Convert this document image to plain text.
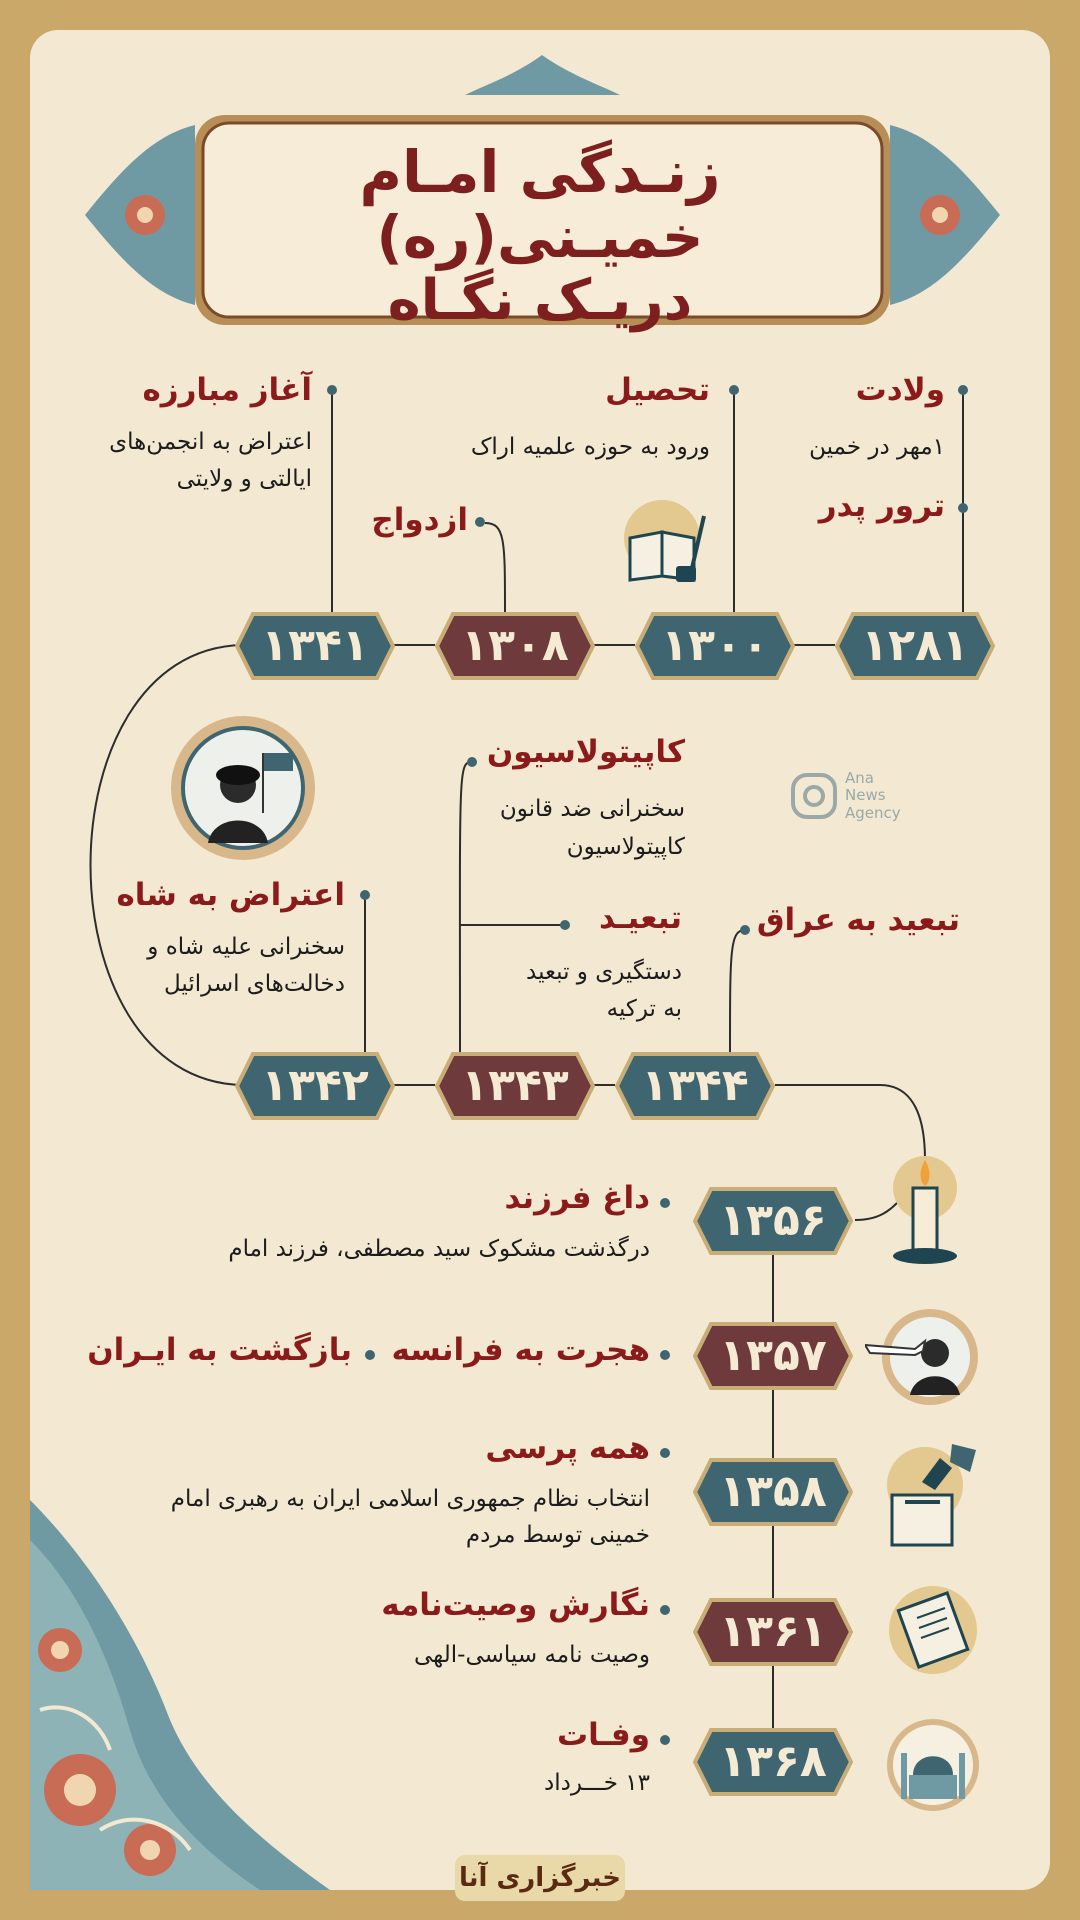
زنـدگی امـام خمیـنی(ره)
دریـک نگـاه
۱۲۸۱
۱۳۰۰
۱۳۰۸
۱۳۴۱
ولادت
۱مهر در خمین
ترور پدر
تحصیل
ورود به حوزه علمیه اراک
ازدواج
آغاز مبارزه
اعتراض به انجمن‌های
ایالتی و ولایتی
۱۳۴۲	۱۳۴۳	۱۳۴۴
Ana News Agency
اعتراض به شاه
سخنرانی علیه شاه و
دخالت‌های اسرائیل
کاپیتولاسیون
سخنرانی ضد قانون
کاپیتولاسیون
تبعیـد
دستگیری و تبعید
به ترکیه
تبعید به عراق
۱۳۵۶
۱۳۵۷
۱۳۵۸
۱۳۶۱
۱۳۶۸
داغ فرزند
درگذشت مشکوک سید مصطفی، فرزند امام
هجرت به فرانسه
بازگشت به ایـران
همه پرسی
انتخاب نظام جمهوری اسلامی ایران به رهبری امام
خمینی توسط مردم
نگارش وصیت‌نامه
وصیت نامه سیاسی-الهی
وفـات
۱۳ خـــرداد
خبرگزاری آنا
